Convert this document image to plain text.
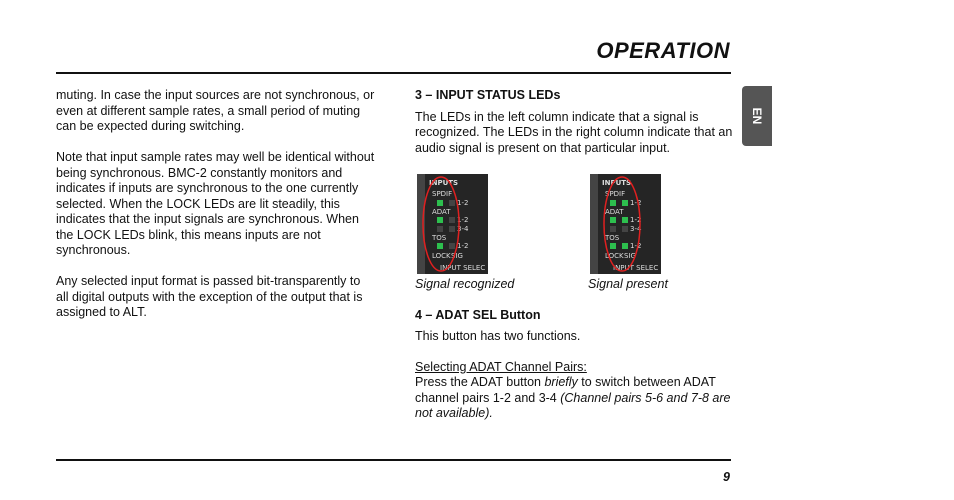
OPERATION
EN

muting. In case the input sources are not synchronous, or even at different sample rates, a small period of muting can be expected during switching.

Note that input sample rates may well be identical without being synchronous. BMC-2 constantly monitors and indicates if inputs are synchronous to the one currently selected. When the LOCK LEDs are lit steadily, this indicates that the input signals are synchronous. When the LOCK LEDs blink, this means inputs are not synchronous.

Any selected input format is passed bit-transparently to all digital outputs with the exception of the output that is assigned to ALT.

3 – INPUT STATUS LEDs

The LEDs in the left column indicate that a signal is recognized. The LEDs in the right column indicate that an audio signal is present on that particular input.

INPUTS
SPDIF
1-2
ADAT
1-2
3-4
TOS
1-2
LOCK SIG
INPUT SELEC
INPUTS
SPDIF
1-2
ADAT
1-2
3-4
TOS
1-2
LOCK SIG
INPUT SELEC
Signal recognized	Signal present
4 – ADAT SEL Button

This button has two functions.

Selecting ADAT Channel Pairs:
Press the ADAT button briefly to switch between ADAT channel pairs 1-2 and 3-4 (Channel pairs 5-6 and 7-8 are not available).
9
